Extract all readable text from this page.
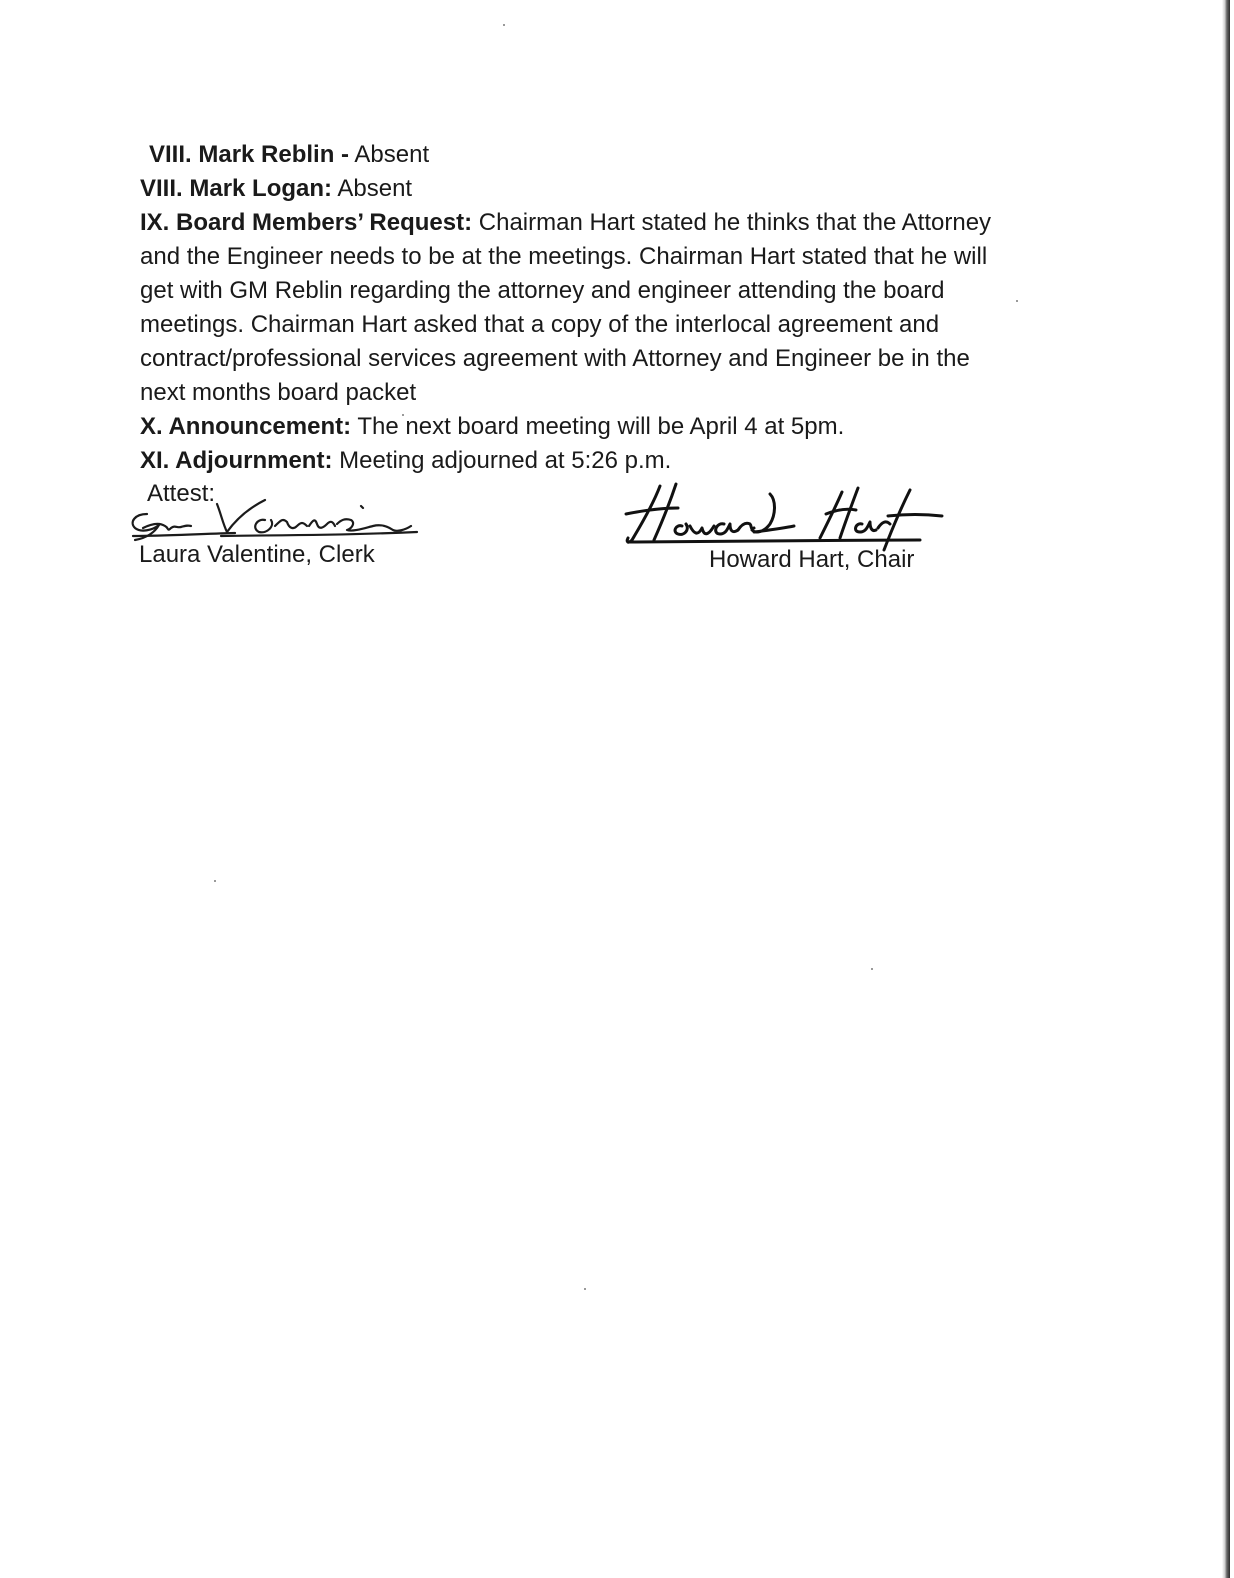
VIII. Mark Reblin - Absent

VIII. Mark Logan: Absent

IX. Board Members’ Request: Chairman Hart stated he thinks that the Attorney
and the Engineer needs to be at the meetings. Chairman Hart stated that he will
get with GM Reblin regarding the attorney and engineer attending the board
meetings. Chairman Hart asked that a copy of the interlocal agreement and
contract/professional services agreement with Attorney and Engineer be in the
next months board packet

X. Announcement: The next board meeting will be April 4 at 5pm.

XI. Adjournment: Meeting adjourned at 5:26 p.m.

Attest:
Laura Valentine, Clerk	Howard Hart, Chair
